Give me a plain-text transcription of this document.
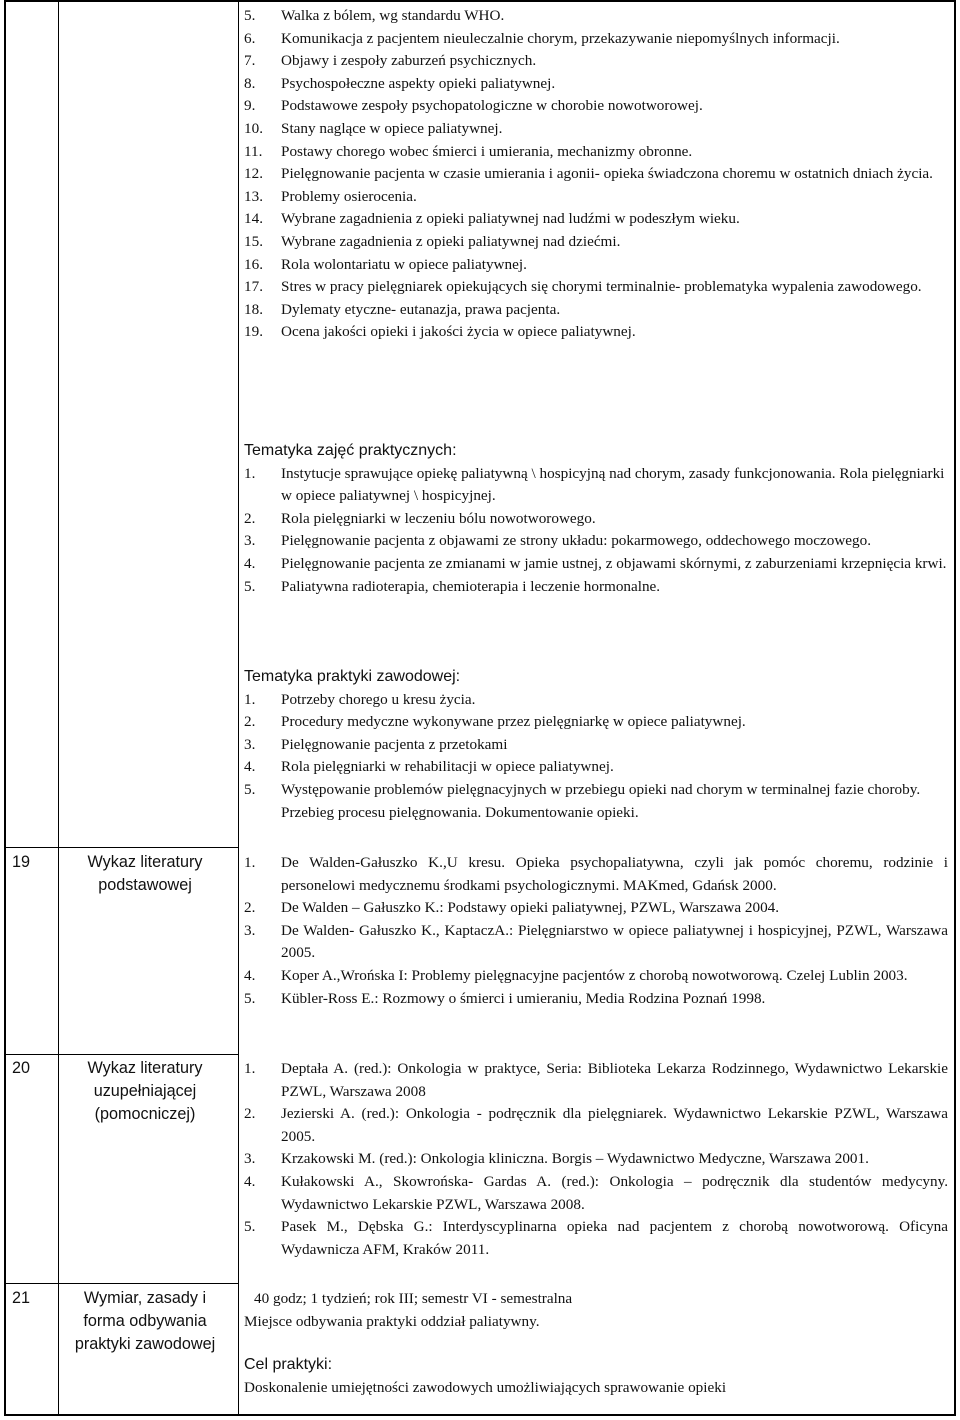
5.	Walka z bólem, wg standardu WHO.
6.	Komunikacja z pacjentem nieuleczalnie chorym, przekazywanie niepomyślnych informacji.
7.	Objawy i zespoły zaburzeń psychicznych.
8.	Psychospołeczne aspekty opieki paliatywnej.
9.	Podstawowe zespoły psychopatologiczne w chorobie nowotworowej.
10.	Stany naglące w opiece paliatywnej.
11.	Postawy chorego wobec śmierci i umierania, mechanizmy obronne.
12.	Pielęgnowanie pacjenta w czasie umierania i agonii- opieka świadczona choremu w ostatnich dniach życia.
13.	Problemy osierocenia.
14.	Wybrane zagadnienia z opieki paliatywnej nad ludźmi w podeszłym wieku.
15.	Wybrane zagadnienia z opieki paliatywnej nad dziećmi.
16.	Rola wolontariatu w opiece paliatywnej.
17.	Stres w pracy pielęgniarek opiekujących się chorymi terminalnie- problematyka wypalenia zawodowego.
18.	Dylematy etyczne- eutanazja, prawa pacjenta.
19.	Ocena jakości opieki i jakości życia w opiece paliatywnej.
Tematyka zajęć praktycznych:
1.	Instytucje sprawujące opiekę paliatywną \ hospicyjną nad chorym, zasady funkcjonowania. Rola pielęgniarki w opiece paliatywnej \ hospicyjnej.
2.	Rola pielęgniarki w leczeniu bólu nowotworowego.
3.	Pielęgnowanie pacjenta z objawami ze strony układu: pokarmowego, oddechowego moczowego.
4.	Pielęgnowanie pacjenta ze zmianami w jamie ustnej, z objawami skórnymi, z zaburzeniami krzepnięcia krwi.
5.	Paliatywna radioterapia, chemioterapia i leczenie hormonalne.
Tematyka praktyki zawodowej:
1.	Potrzeby chorego u kresu życia.
2.	Procedury medyczne wykonywane przez pielęgniarkę w opiece paliatywnej.
3.	Pielęgnowanie pacjenta z przetokami
4.	Rola pielęgniarki w rehabilitacji w opiece paliatywnej.
5.	Występowanie problemów pielęgnacyjnych w przebiegu opieki nad chorym w terminalnej fazie choroby. Przebieg procesu pielęgnowania. Dokumentowanie opieki.
19	Wykaz literatury podstawowej
1.	De Walden-Gałuszko K.,U kresu. Opieka psychopaliatywna, czyli jak pomóc choremu, rodzinie i personelowi medycznemu środkami psychologicznymi. MAKmed, Gdańsk 2000.
2.	De Walden – Gałuszko K.: Podstawy opieki paliatywnej, PZWL, Warszawa 2004.
3.	De Walden- Gałuszko K., KaptaczA.: Pielęgniarstwo w opiece paliatywnej i hospicyjnej, PZWL, Warszawa 2005.
4.	Koper A.,Wrońska I: Problemy pielęgnacyjne pacjentów z chorobą nowotworową. Czelej Lublin 2003.
5.	Kübler-Ross E.: Rozmowy o śmierci i umieraniu, Media Rodzina Poznań 1998.
20	Wykaz literatury uzupełniającej (pomocniczej)
1.	Deptała A. (red.): Onkologia w praktyce, Seria: Biblioteka Lekarza Rodzinnego, Wydawnictwo Lekarskie PZWL, Warszawa 2008
2.	Jezierski A. (red.): Onkologia - podręcznik dla pielęgniarek. Wydawnictwo Lekarskie PZWL, Warszawa 2005.
3.	Krzakowski M. (red.): Onkologia kliniczna. Borgis – Wydawnictwo Medyczne, Warszawa 2001.
4.	Kułakowski A., Skowrońska- Gardas A. (red.): Onkologia – podręcznik dla studentów medycyny. Wydawnictwo Lekarskie PZWL, Warszawa 2008.
5.	Pasek M., Dębska G.: Interdyscyplinarna opieka nad pacjentem z chorobą nowotworową. Oficyna Wydawnicza AFM, Kraków 2011.
21	Wymiar, zasady i forma odbywania praktyki zawodowej

40 godz; 1 tydzień; rok III; semestr VI - semestralna

Miejsce odbywania praktyki oddział paliatywny.

Cel praktyki:

Doskonalenie umiejętności zawodowych umożliwiających sprawowanie opieki
